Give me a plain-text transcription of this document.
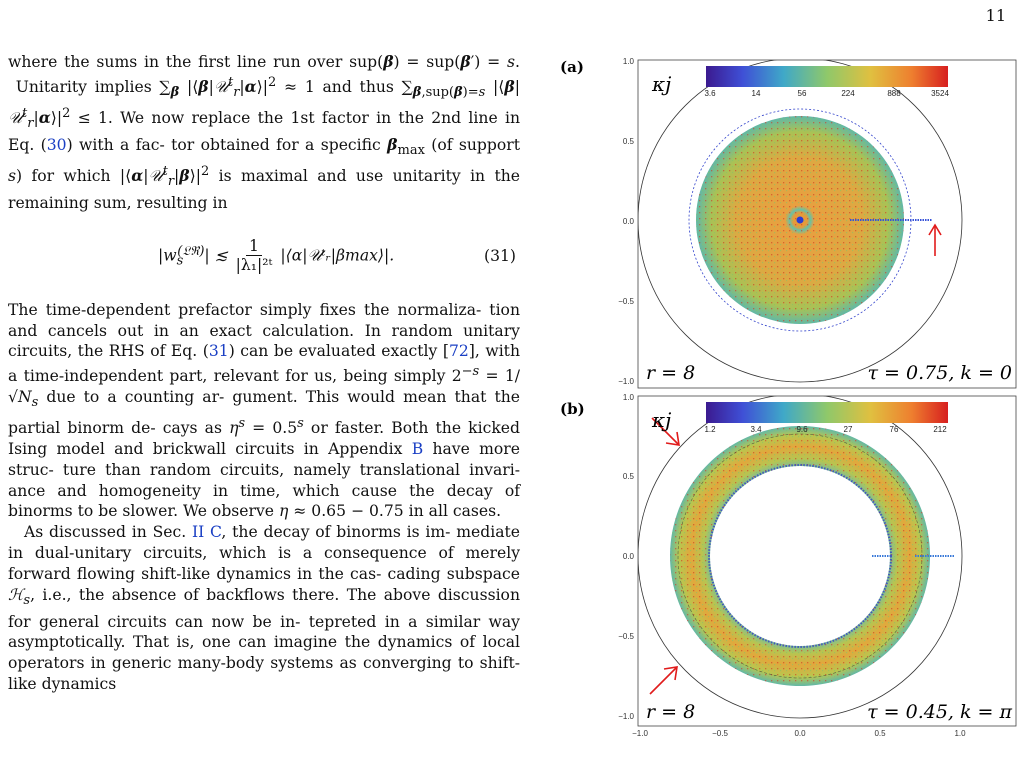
11

where the sums in the first line run over sup(β) = sup(β′) = s.  Unitarity implies $\sum_\beta$ $|⟨\beta|𝒰^t_r|\alpha⟩|^2 \approx 1$ and thus $\sum_{\beta,sup(\beta)=s}$ $|⟨\beta|𝒰^t_r|\alpha⟩|^2 \le 1$. We now replace the 1st factor in the 2nd line in Eq. (30) with a fac- tor obtained for a specific $\beta_{max}$ (of support s) for which $|⟨\alpha|𝒰^t_r|\beta⟩|^2$ is maximal and use unitarity in the remaining sum, resulting in

$|w_s^{(𝔏ℜ)}|$ ≲ $\frac{1}{\text{|λ₁|²ᵗ}}$ |⟨α|𝒰ᵗᵣ|βmax⟩|.	(31)

The time-dependent prefactor simply fixes the normaliza- tion and cancels out in an exact calculation. In random unitary circuits, the RHS of Eq. (31) can be evaluated exactly [72], with a time-independent part, relevant for us, being simply $2^{-s} = 1/√N_s$ due to a counting ar- gument. This would mean that the partial binorm de- cays as $\eta^s = 0.5^s$ or faster. Both the kicked Ising model and brickwall circuits in Appendix B have more struc- ture than random circuits, namely translational invari- ance and homogeneity in time, which cause the decay of binorms to be slower. We observe η ≈ 0.65 − 0.75 in all cases.

As discussed in Sec. II C, the decay of binorms is im- mediate in dual-unitary circuits, which is a consequence of merely forward flowing shift-like dynamics in the cas- cading subspace ℋ$_s$, i.e., the absence of backflows there. The above discussion for general circuits can now be in- tepreted in a similar way asymptotically. That is, one can imagine the dynamics of local operators in generic many-body systems as converging to shift-like dynamics

(a)	1.0
0.5
0.0
−0.5
−1.0
κj	3.6	14	56	224	888	3524
r = 8	τ = 0.75, k = 0
(b)
1.0
0.5
0.0
−0.5
−1.0
−1.0	−0.5	0.0	0.5	1.0
κj	1.2	3.4	9.6	27	76	212
r = 8	τ = 0.45, k = π
